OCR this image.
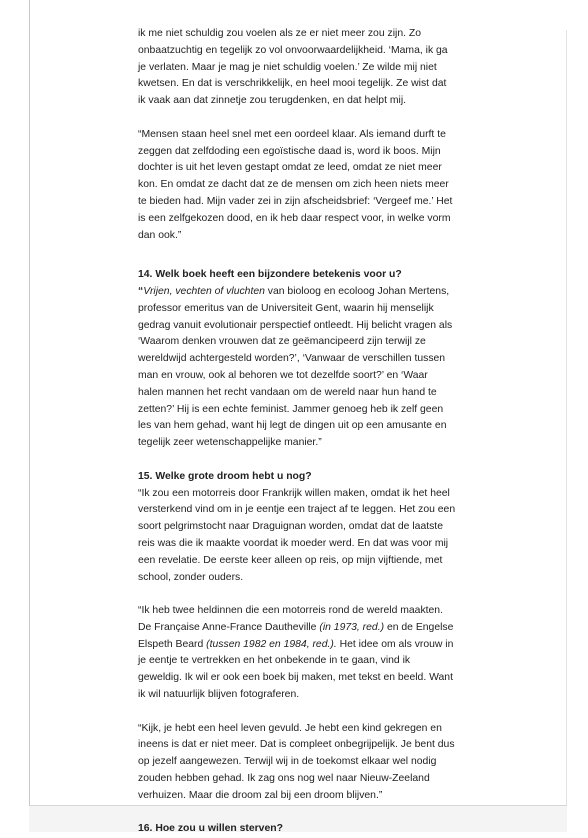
ik me niet schuldig zou voelen als ze er niet meer zou zijn. Zo onbaatzuchtig en tegelijk zo vol onvoorwaardelijkheid. ‘Mama, ik ga je verlaten. Maar je mag je niet schuldig voelen.’ Ze wilde mij niet kwetsen. En dat is verschrikkelijk, en heel mooi tegelijk. Ze wist dat ik vaak aan dat zinnetje zou terugdenken, en dat helpt mij.

“Mensen staan heel snel met een oordeel klaar. Als iemand durft te zeggen dat zelfdoding een egoïstische daad is, word ik boos. Mijn dochter is uit het leven gestapt omdat ze leed, omdat ze niet meer kon. En omdat ze dacht dat ze de mensen om zich heen niets meer te bieden had. Mijn vader zei in zijn afscheidsbrief: ‘Vergeef me.’ Het is een zelfgekozen dood, en ik heb daar respect voor, in welke vorm dan ook.”

14. Welk boek heeft een bijzondere betekenis voor u?

“Vrijen, vechten of vluchten van bioloog en ecoloog Johan Mertens, professor emeritus van de Universiteit Gent, waarin hij menselijk gedrag vanuit evolutionair perspectief ontleedt. Hij belicht vragen als ‘Waarom denken vrouwen dat ze geëmancipeerd zijn terwijl ze wereldwijd achtergesteld worden?’, ‘Vanwaar de verschillen tussen man en vrouw, ook al behoren we tot dezelfde soort?’ en ‘Waar halen mannen het recht vandaan om de wereld naar hun hand te zetten?’ Hij is een echte feminist. Jammer genoeg heb ik zelf geen les van hem gehad, want hij legt de dingen uit op een amusante en tegelijk zeer wetenschappelijke manier.”

15. Welke grote droom hebt u nog?

“Ik zou een motorreis door Frankrijk willen maken, omdat ik het heel versterkend vind om in je eentje een traject af te leggen. Het zou een soort pelgrimstocht naar Draguignan worden, omdat dat de laatste reis was die ik maakte voordat ik moeder werd. En dat was voor mij een revelatie. De eerste keer alleen op reis, op mijn vijftiende, met school, zonder ouders.

“Ik heb twee heldinnen die een motorreis rond de wereld maakten. De Française Anne-France Dautheville (in 1973, red.) en de Engelse Elspeth Beard (tussen 1982 en 1984, red.). Het idee om als vrouw in je eentje te vertrekken en het onbekende in te gaan, vind ik geweldig. Ik wil er ook een boek bij maken, met tekst en beeld. Want ik wil natuurlijk blijven fotograferen.

“Kijk, je hebt een heel leven gevuld. Je hebt een kind gekregen en ineens is dat er niet meer. Dat is compleet onbegrijpelijk. Je bent dus op jezelf aangewezen. Terwijl wij in de toekomst elkaar wel nodig zouden hebben gehad. Ik zag ons nog wel naar Nieuw-Zeeland verhuizen. Maar die droom zal bij een droom blijven.”

16. Hoe zou u willen sterven?
